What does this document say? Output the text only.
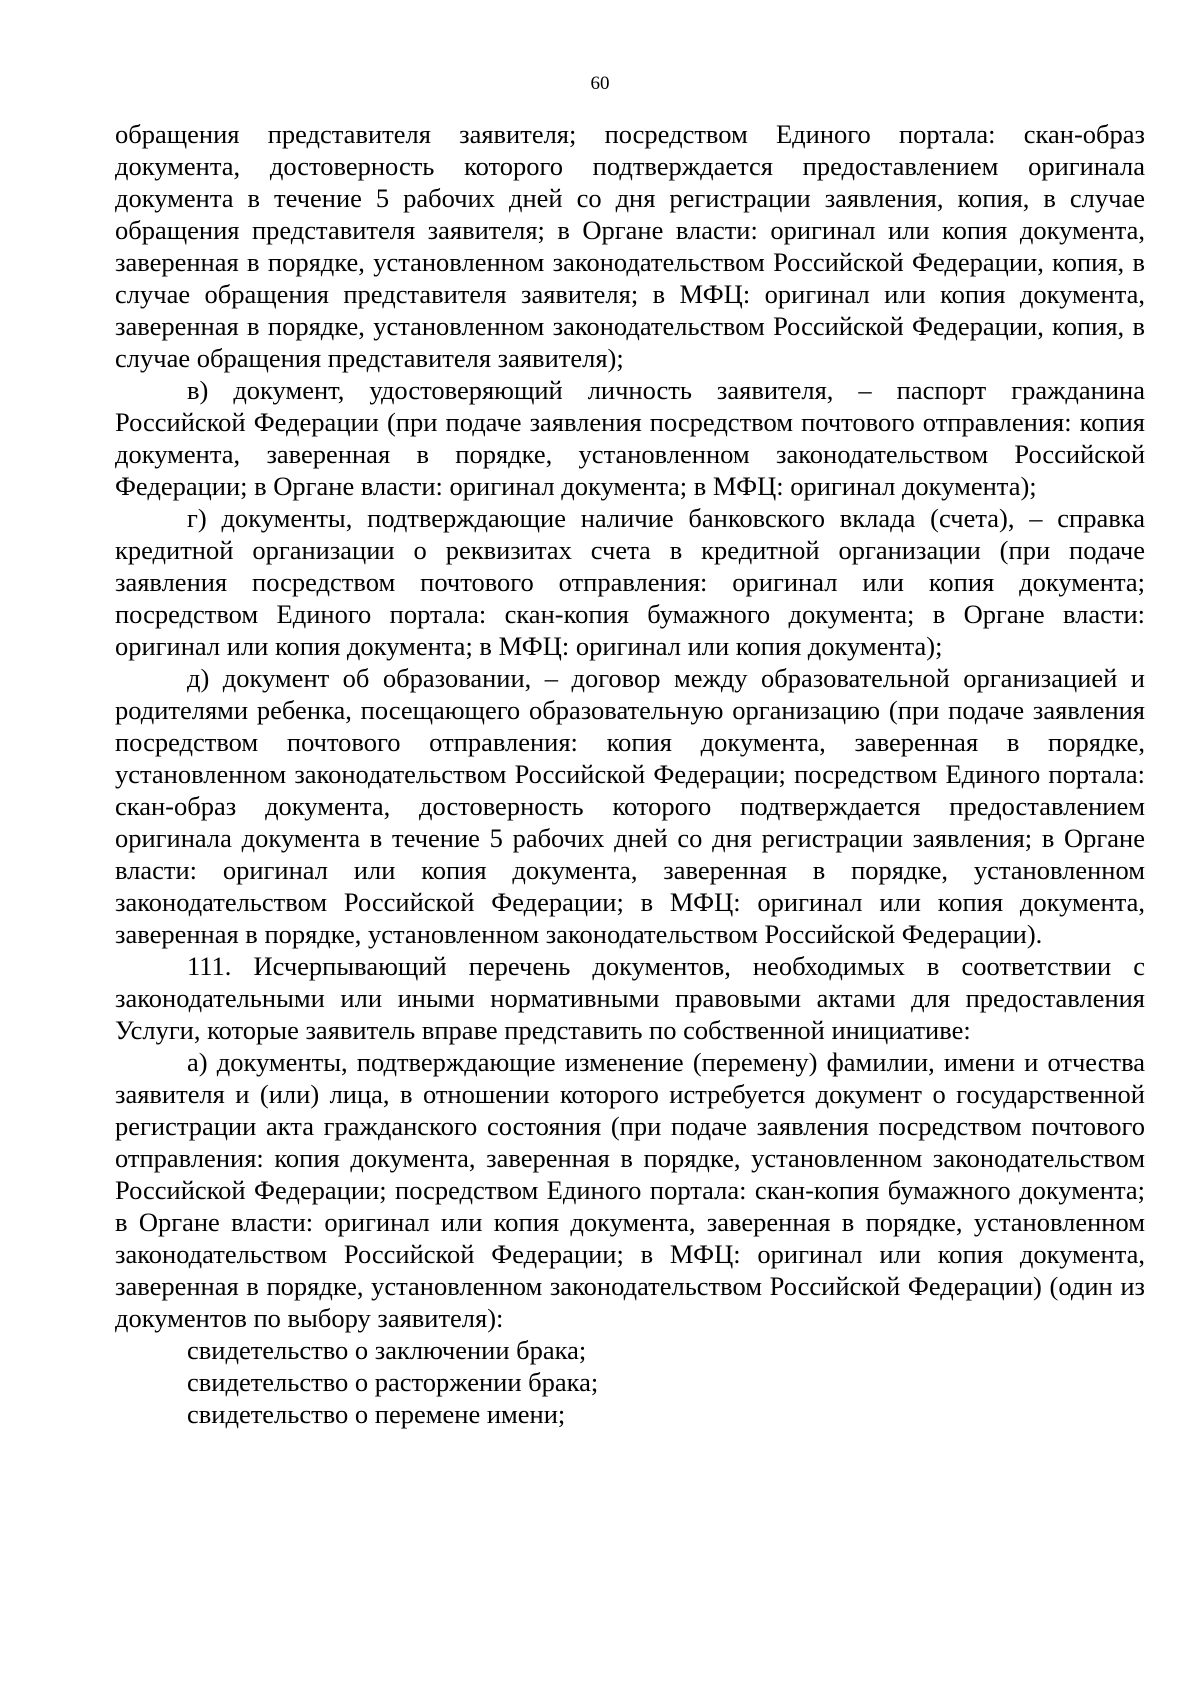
60

обращения представителя заявителя; посредством Единого портала: скан-образ документа, достоверность которого подтверждается предоставлением оригинала документа в течение 5 рабочих дней со дня регистрации заявления, копия, в случае обращения представителя заявителя; в Органе власти: оригинал или копия документа, заверенная в порядке, установленном законодательством Российской Федерации, копия, в случае обращения представителя заявителя; в МФЦ: оригинал или копия документа, заверенная в порядке, установленном законодательством Российской Федерации, копия, в случае обращения представителя заявителя);

в) документ, удостоверяющий личность заявителя, – паспорт гражданина Российской Федерации (при подаче заявления посредством почтового отправления: копия документа, заверенная в порядке, установленном законодательством Российской Федерации; в Органе власти: оригинал документа; в МФЦ: оригинал документа);

г) документы, подтверждающие наличие банковского вклада (счета), – справка кредитной организации о реквизитах счета в кредитной организации (при подаче заявления посредством почтового отправления: оригинал или копия документа; посредством Единого портала: скан-копия бумажного документа; в Органе власти: оригинал или копия документа; в МФЦ: оригинал или копия документа);

д) документ об образовании, – договор между образовательной организацией и родителями ребенка, посещающего образовательную организацию (при подаче заявления посредством почтового отправления: копия документа, заверенная в порядке, установленном законодательством Российской Федерации; посредством Единого портала: скан-образ документа, достоверность которого подтверждается предоставлением оригинала документа в течение 5 рабочих дней со дня регистрации заявления; в Органе власти: оригинал или копия документа, заверенная в порядке, установленном законодательством Российской Федерации; в МФЦ: оригинал или копия документа, заверенная в порядке, установленном законодательством Российской Федерации).

111. Исчерпывающий перечень документов, необходимых в соответствии с законодательными или иными нормативными правовыми актами для предоставления Услуги, которые заявитель вправе представить по собственной инициативе:

а) документы, подтверждающие изменение (перемену) фамилии, имени и отчества заявителя и (или) лица, в отношении которого истребуется документ о государственной регистрации акта гражданского состояния (при подаче заявления посредством почтового отправления: копия документа, заверенная в порядке, установленном законодательством Российской Федерации; посредством Единого портала: скан-копия бумажного документа; в Органе власти: оригинал или копия документа, заверенная в порядке, установленном законодательством Российской Федерации; в МФЦ: оригинал или копия документа, заверенная в порядке, установленном законодательством Российской Федерации) (один из документов по выбору заявителя):

свидетельство о заключении брака;

свидетельство о расторжении брака;

свидетельство о перемене имени;
